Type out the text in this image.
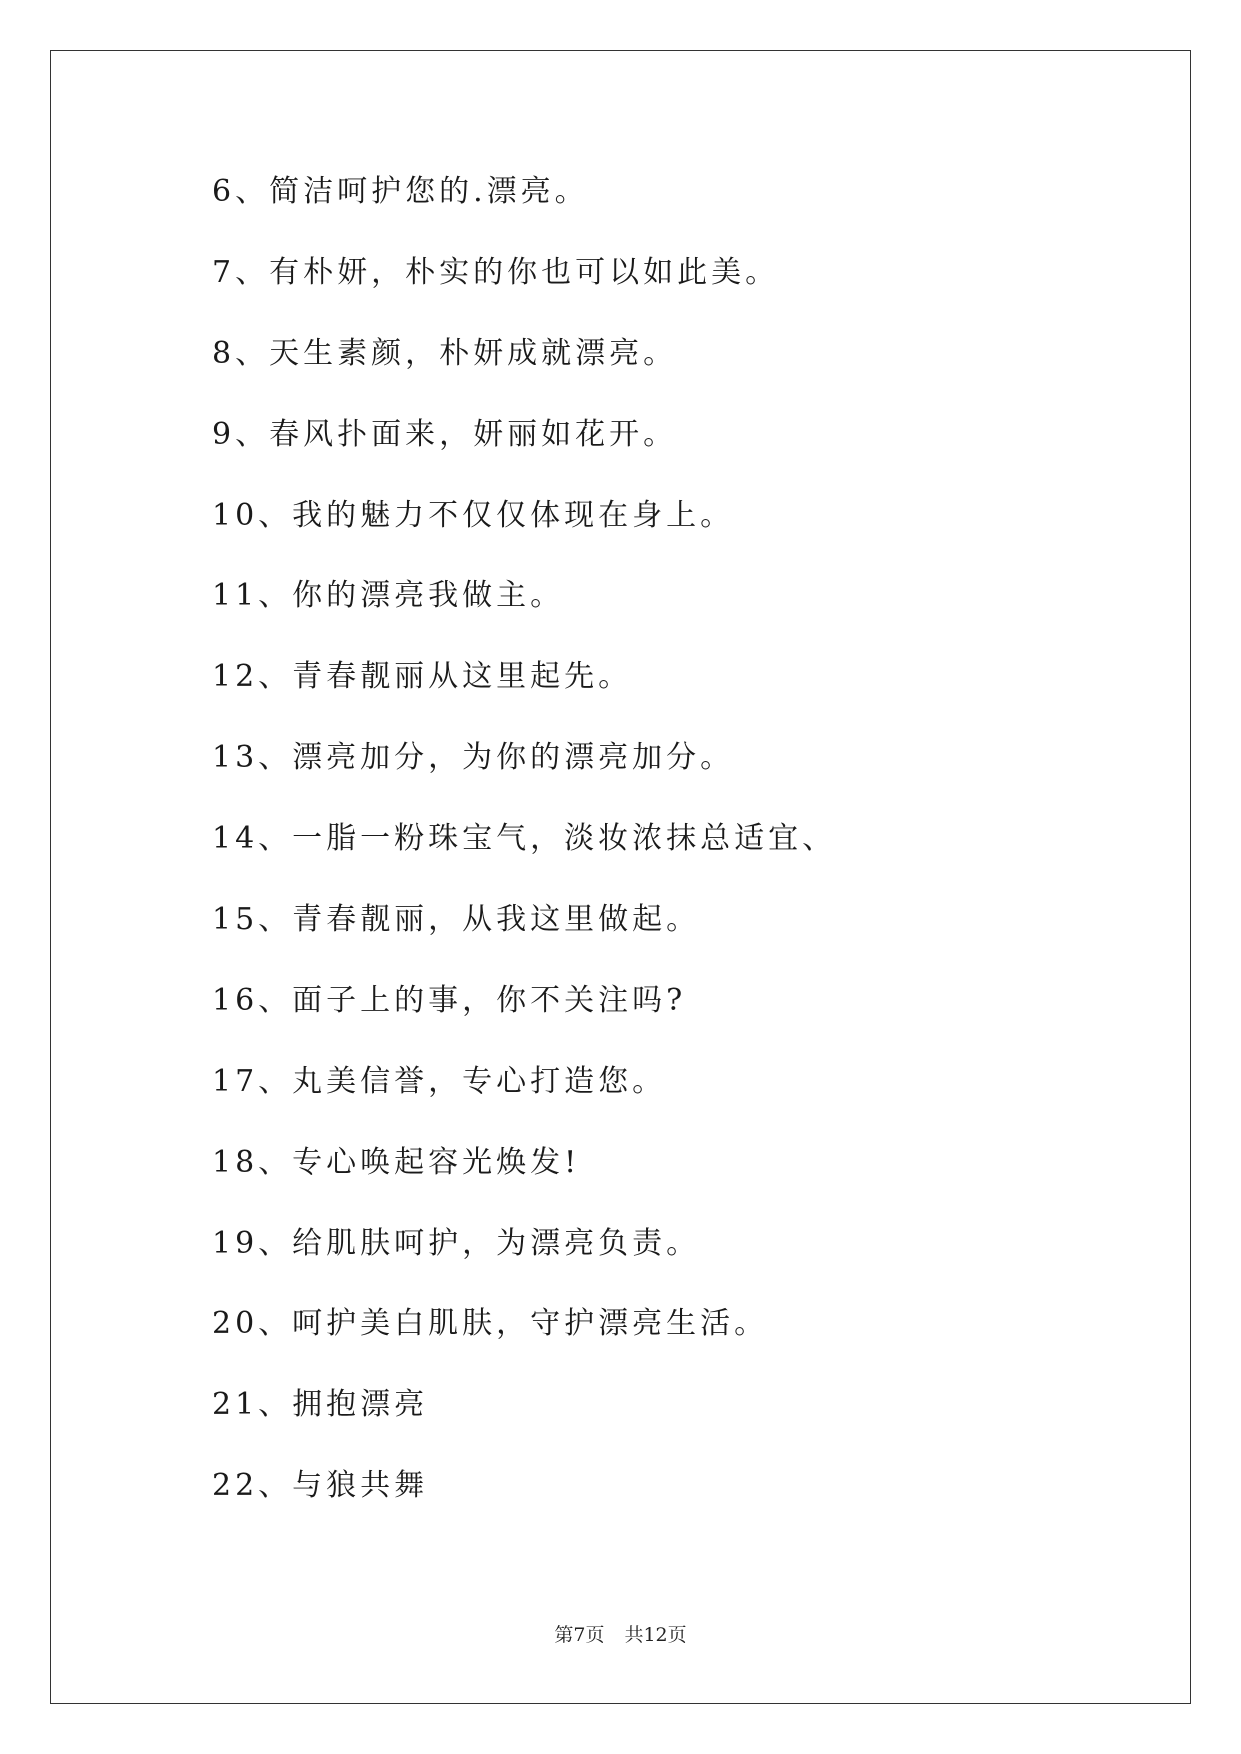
6、简洁呵护您的.漂亮。
7、有朴妍，朴实的你也可以如此美。
8、天生素颜，朴妍成就漂亮。
9、春风扑面来，妍丽如花开。
10、我的魅力不仅仅体现在身上。
11、你的漂亮我做主。
12、青春靓丽从这里起先。
13、漂亮加分，为你的漂亮加分。
14、一脂一粉珠宝气，淡妆浓抹总适宜、
15、青春靓丽，从我这里做起。
16、面子上的事，你不关注吗?
17、丸美信誉，专心打造您。
18、专心唤起容光焕发!
19、给肌肤呵护，为漂亮负责。
20、呵护美白肌肤，守护漂亮生活。
21、拥抱漂亮
22、与狼共舞
第7页 共12页
